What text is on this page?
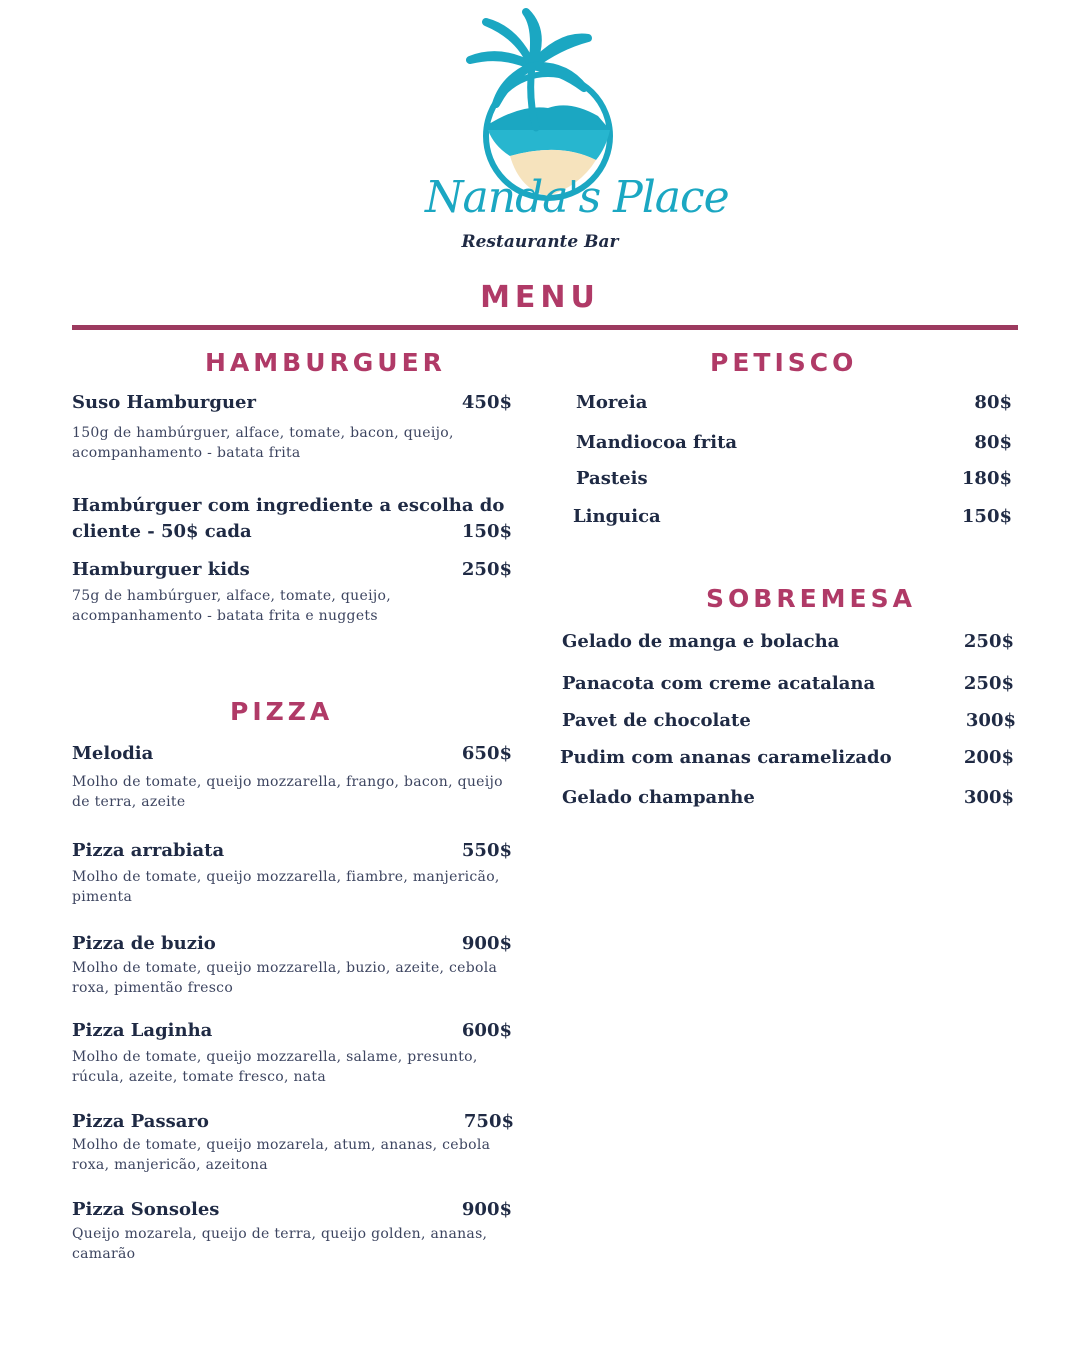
Nanda's Place
Restaurante Bar
MENU
HAMBURGUER
Suso Hamburguer	450$
150g de hambúrguer, alface, tomate, bacon, queijo, acompanhamento - batata frita
Hambúrguer com ingrediente a escolha do
cliente - 50$ cada	150$
Hamburguer kids	250$
75g de hambúrguer, alface, tomate, queijo, acompanhamento - batata frita e nuggets
PIZZA
Melodia	650$
Molho de tomate, queijo mozzarella, frango, bacon, queijo de terra, azeite
Pizza arrabiata	550$
Molho de tomate, queijo mozzarella, fiambre, manjericão, pimenta
Pizza de buzio	900$
Molho de tomate, queijo mozzarella, buzio, azeite, cebola roxa, pimentão fresco
Pizza Laginha	600$
Molho de tomate, queijo mozzarella, salame, presunto, rúcula, azeite, tomate fresco, nata
Pizza Passaro	750$
Molho de tomate, queijo mozarela, atum, ananas, cebola roxa, manjericão, azeitona
Pizza Sonsoles	900$
Queijo mozarela, queijo de terra, queijo golden, ananas, camarão
PETISCO
Moreia	80$
Mandiocoa frita	80$
Pasteis	180$
Linguica	150$
SOBREMESA
Gelado de manga e bolacha	250$
Panacota com creme acatalana	250$
Pavet de chocolate	300$
Pudim com ananas caramelizado	200$
Gelado champanhe	300$
